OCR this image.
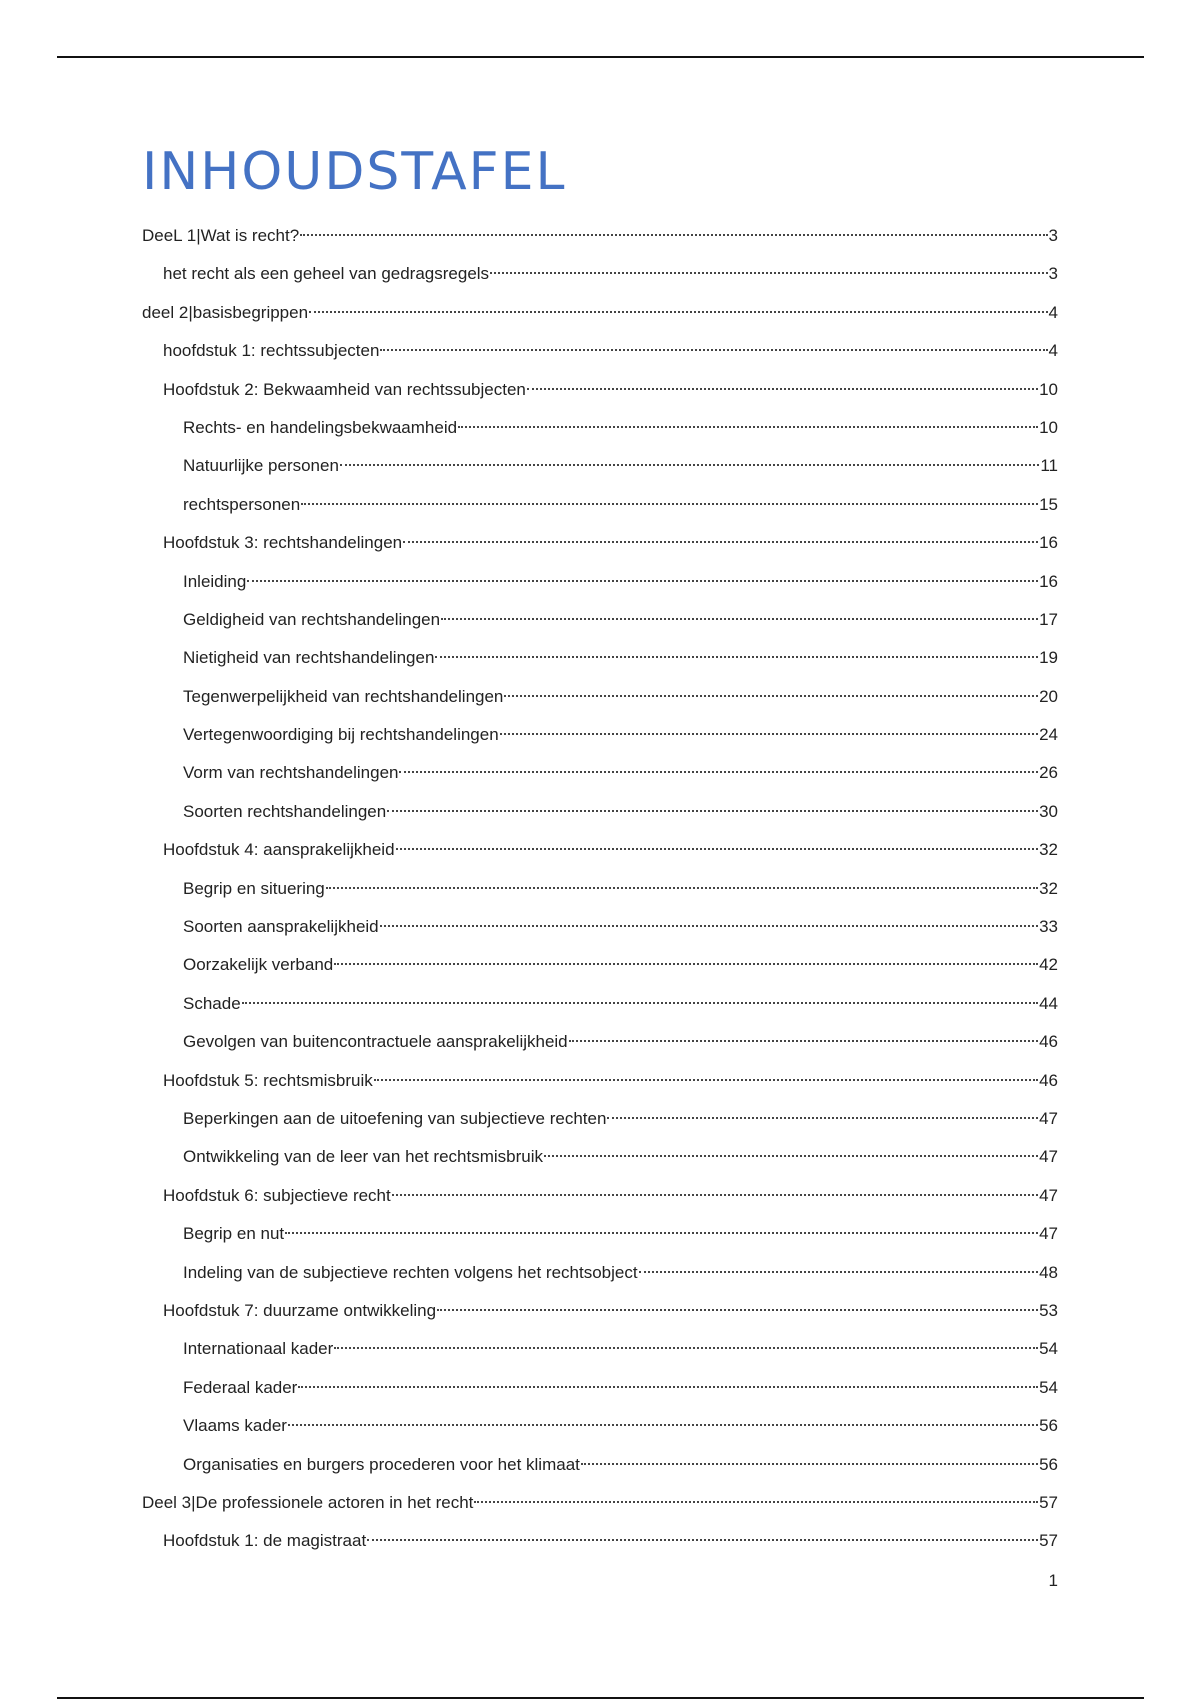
INHOUDSTAFEL
DeeL 1|Wat is recht?	3
het recht als een geheel van gedragsregels	3
deel 2|basisbegrippen	4
hoofdstuk 1: rechtssubjecten	4
Hoofdstuk 2: Bekwaamheid van rechtssubjecten	10
Rechts- en handelingsbekwaamheid	10
Natuurlijke personen	11
rechtspersonen	15
Hoofdstuk 3: rechtshandelingen	16
Inleiding	16
Geldigheid van rechtshandelingen	17
Nietigheid van rechtshandelingen	19
Tegenwerpelijkheid van rechtshandelingen	20
Vertegenwoordiging bij rechtshandelingen	24
Vorm van rechtshandelingen	26
Soorten rechtshandelingen	30
Hoofdstuk 4: aansprakelijkheid	32
Begrip en situering	32
Soorten aansprakelijkheid	33
Oorzakelijk verband	42
Schade	44
Gevolgen van buitencontractuele aansprakelijkheid	46
Hoofdstuk 5: rechtsmisbruik	46
Beperkingen aan de uitoefening van subjectieve rechten	47
Ontwikkeling van de leer van het rechtsmisbruik	47
Hoofdstuk 6: subjectieve recht	47
Begrip en nut	47
Indeling van de subjectieve rechten volgens het rechtsobject	48
Hoofdstuk 7: duurzame ontwikkeling	53
Internationaal kader	54
Federaal kader	54
Vlaams kader	56
Organisaties en burgers procederen voor het klimaat	56
Deel 3|De professionele actoren in het recht	57
Hoofdstuk 1: de magistraat	57
1
